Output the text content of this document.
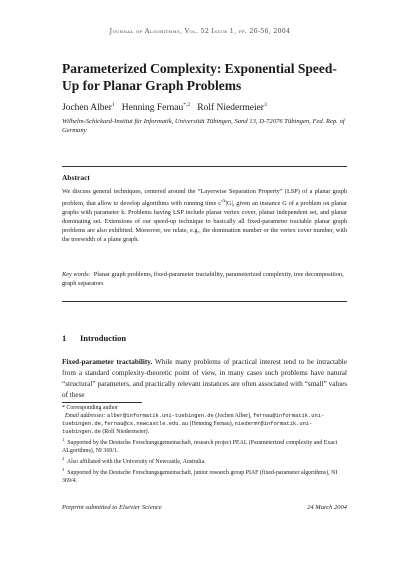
Journal of Algorithms, Vol. 52 Issue 1, pp. 26-56, 2004
Parameterized Complexity: Exponential Speed-Up for Planar Graph Problems
Jochen Alber$^1$ Henning Fernau$^{*,2}$ Rolf Niedermeier$^3$
Wilhelm-Schickard-Institut für Informatik, Universität Tübingen, Sand 13, D-72076 Tübingen, Fed. Rep. of Germany
Abstract
We discuss general techniques, centered around the “Layerwise Separation Property” (LSP) of a planar graph problem, that allow to develop algorithms with running time $c^{√k}|G|$, given an instance G of a problem on planar graphs with parameter k. Problems having LSP include planar vertex cover, planar independent set, and planar dominating set. Extensions of our speed-up technique to basically all fixed-parameter tractable planar graph problems are also exhibited. Moreover, we relate, e.g., the domination number or the vertex cover number, with the treewidth of a plane graph.
Key words: Planar graph problems, fixed-parameter tractability, parameterized complexity, tree decomposition, graph separators
1 Introduction
Fixed-parameter tractability. While many problems of practical interest tend to be intractable from a standard complexity-theoretic point of view, in many cases such problems have natural “structural” parameters, and practically relevant instances are often associated with “small” values of these
* Corresponding author
Email addresses: alber@informatik.uni-tuebingen.de (Jochen Alber), fernau@informatik.uni-tuebingen.de,fernau@cs.newcastle.edu.au (Henning Fernau), niedermr@informatik.uni-tuebingen.de (Rolf Niedermeier).
$^1$  Supported by the Deutsche Forschungsgemeinschaft, research project PEAL (Parameterized complexity and Exact ALgorithms), NI 369/1.
$^2$  Also affiliated with the University of Newcastle, Australia.
$^3$  Supported by the Deutsche Forschungsgemeinschaft, junior research group PIAF (fixed-parameter algorithms), NI 369/4.
Preprint submitted to Elsevier Science	24 March 2004
